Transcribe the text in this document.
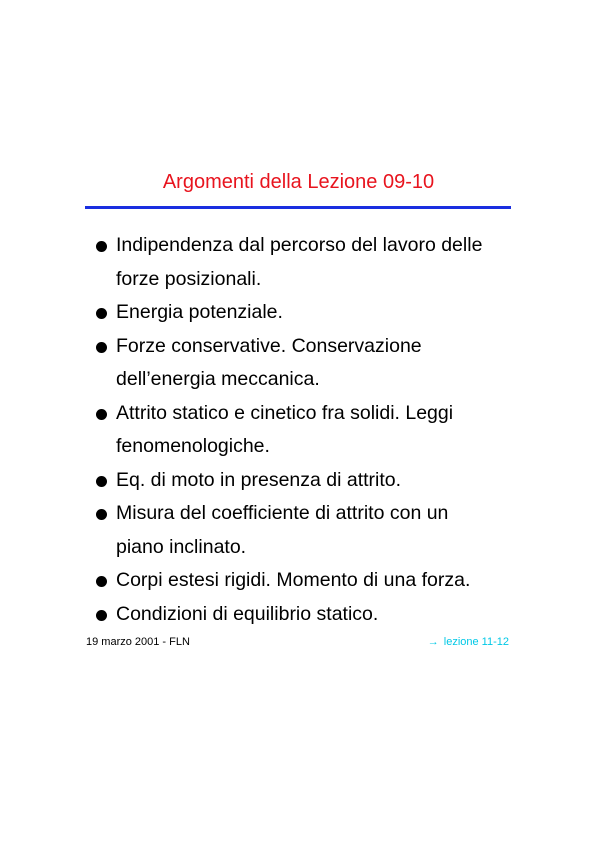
Argomenti della Lezione 09-10
Indipendenza dal percorso del lavoro delle
forze posizionali.
Energia potenziale.
Forze conservative. Conservazione
dell’energia meccanica.
Attrito statico e cinetico fra solidi. Leggi
fenomenologiche.
Eq. di moto in presenza di attrito.
Misura del coefficiente di attrito con un
piano inclinato.
Corpi estesi rigidi. Momento di una forza.
Condizioni di equilibrio statico.
19 marzo 2001 - FLN	→ lezione 11-12
